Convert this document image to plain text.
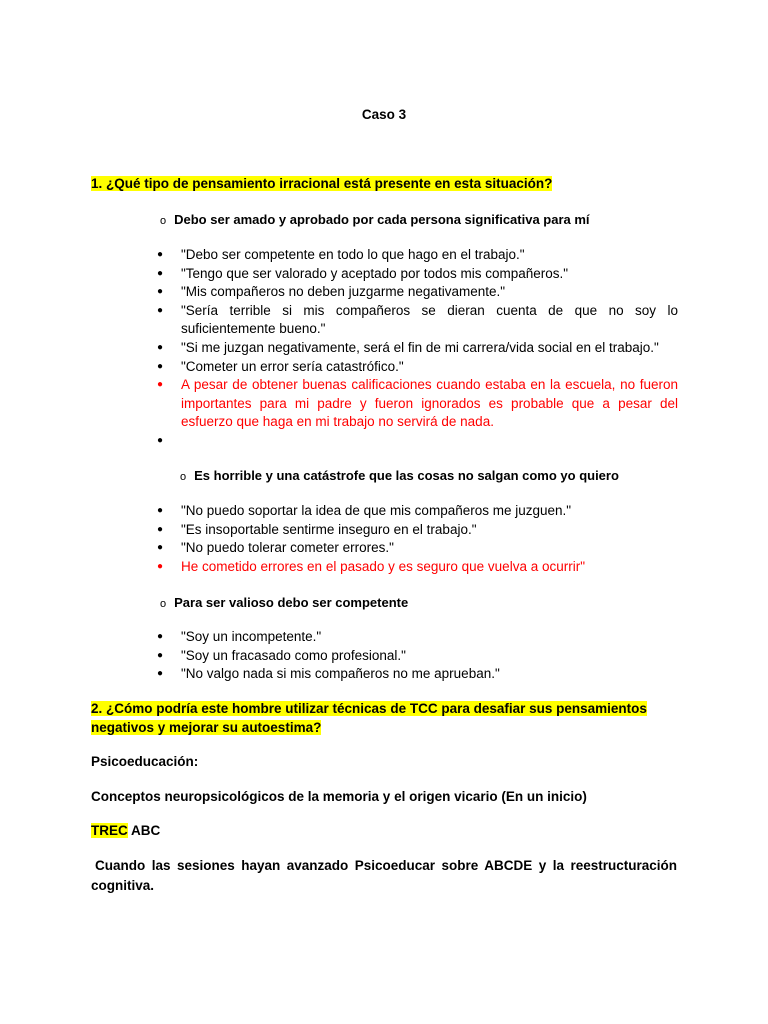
Caso 3
1. ¿Qué tipo de pensamiento irracional está presente en esta situación?
o Debo ser amado y aprobado por cada persona significativa para mí
● "Debo ser competente en todo lo que hago en el trabajo."
● "Tengo que ser valorado y aceptado por todos mis compañeros."
● "Mis compañeros no deben juzgarme negativamente."
● "Sería terrible si mis compañeros se dieran cuenta de que no soy lo suficientemente bueno."
● "Si me juzgan negativamente, será el fin de mi carrera/vida social en el trabajo."
● "Cometer un error sería catastrófico."
● A pesar de obtener buenas calificaciones cuando estaba en la escuela, no fueron importantes para mi padre y fueron ignorados es probable que a pesar del esfuerzo que haga en mi trabajo no servirá de nada.
●
o Es horrible y una catástrofe que las cosas no salgan como yo quiero
● "No puedo soportar la idea de que mis compañeros me juzguen."
● "Es insoportable sentirme inseguro en el trabajo."
● "No puedo tolerar cometer errores."
● He cometido errores en el pasado y es seguro que vuelva a ocurrir"
o Para ser valioso debo ser competente
● "Soy un incompetente."
● "Soy un fracasado como profesional."
● "No valgo nada si mis compañeros no me aprueban."
2. ¿Cómo podría este hombre utilizar técnicas de TCC para desafiar sus pensamientos
negativos y mejorar su autoestima?
Psicoeducación:
Conceptos neuropsicológicos de la memoria y el origen vicario (En un inicio)
TREC ABC
Cuando las sesiones hayan avanzado Psicoeducar sobre ABCDE y la reestructuración cognitiva.
